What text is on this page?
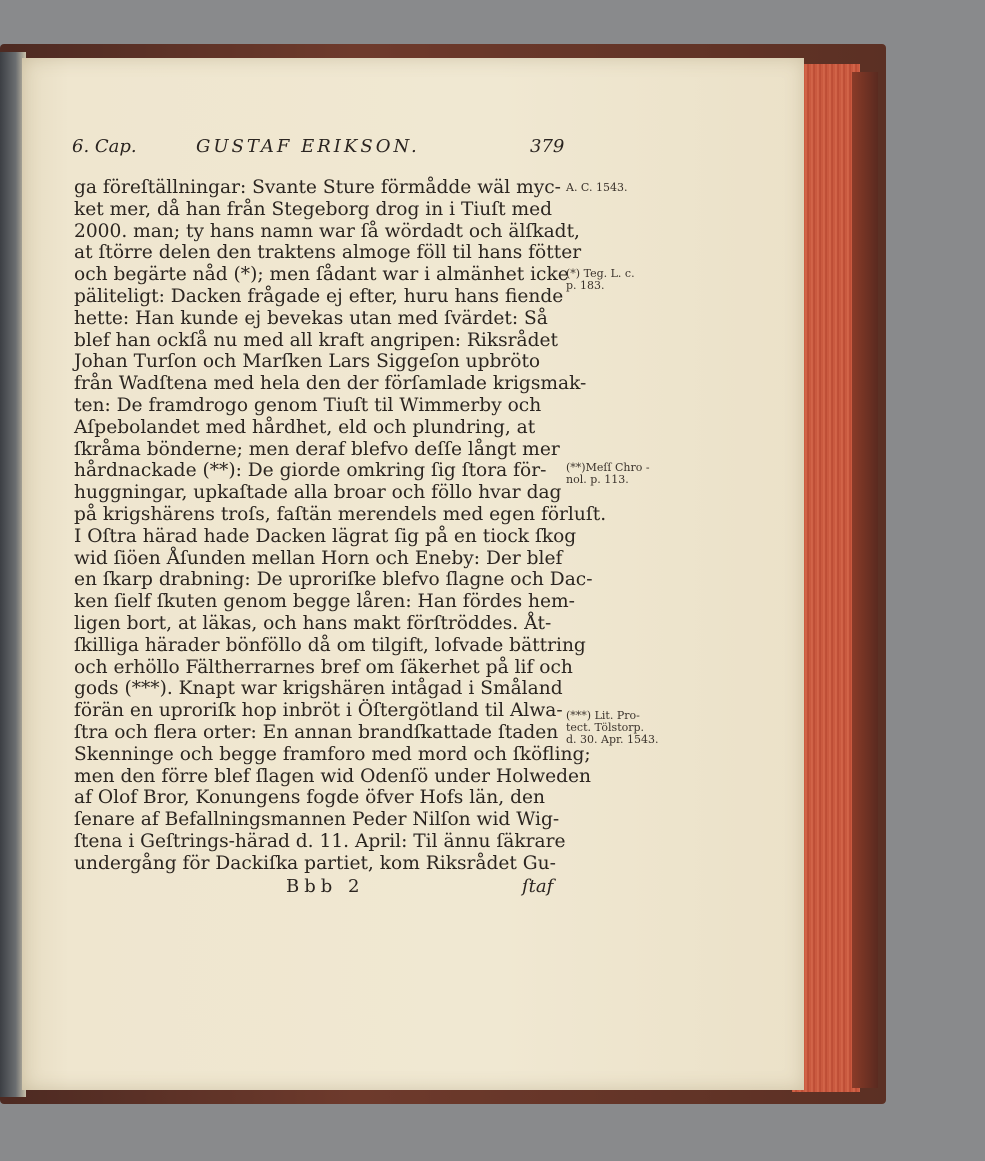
6. Cap.	GUSTAF ERIKSON.	379
ga föreſtällningar: Svante Sture förmådde wäl myc-
ket mer, då han från Stegeborg drog in i Tiuſt med
2000. man; ty hans namn war ſå wördadt och älſkadt,
at ſtörre delen den traktens almoge föll til hans fötter
och begärte nåd (*); men ſådant war i almänhet icke
päliteligt: Dacken frågade ej efter, huru hans fiende
hette: Han kunde ej bevekas utan med ſvärdet: Så
blef han ockſå nu med all kraft angripen: Riksrådet
Johan Turſon och Marſken Lars Siggeſon upbröto
från Wadſtena med hela den der förſamlade krigsmak-
ten: De framdrogo genom Tiuſt til Wimmerby och
Aſpebolandet med hårdhet, eld och plundring, at
ſkråma bönderne; men deraf blefvo deſſe långt mer
hårdnackade (**): De giorde omkring ſig ſtora för-
huggningar, upkaſtade alla broar och föllo hvar dag
på krigshärens troſs, faſtän merendels med egen förluſt.
I Oſtra härad hade Dacken lägrat ſig på en tiock ſkog
wid ſiöen Åſunden mellan Horn och Eneby: Der blef
en ſkarp drabning: De uproriſke blefvo ſlagne och Dac-
ken ſielf ſkuten genom begge låren: Han fördes hem-
ligen bort, at läkas, och hans makt förſtröddes. Åt-
ſkilliga härader bönföllo då om tilgift, lofvade bättring
och erhöllo Fältherrarnes bref om ſäkerhet på lif och
gods (***). Knapt war krigshären intågad i Småland
förän en uproriſk hop inbröt i Öſtergötland til Alwa-
ſtra och flera orter: En annan brandſkattade ſtaden
Skenninge och begge framforo med mord och ſköfling;
men den förre blef ſlagen wid Odenſö under Holweden
af Olof Bror, Konungens fogde öfver Hofs län, den
ſenare af Befallningsmannen Peder Nilſon wid Wig-
ſtena i Geſtrings-härad d. 11. April: Til ännu ſäkrare
undergång för Dackiſka partiet, kom Riksrådet Gu-
A. C. 1543.
(*) Teg. L. c.
p. 183.
(**)Meſſ Chro -
nol. p. 113.
(***) Lit. Pro-
tect. Tölstorp.
d. 30. Apr. 1543.
Bbb 2	ſtaf
